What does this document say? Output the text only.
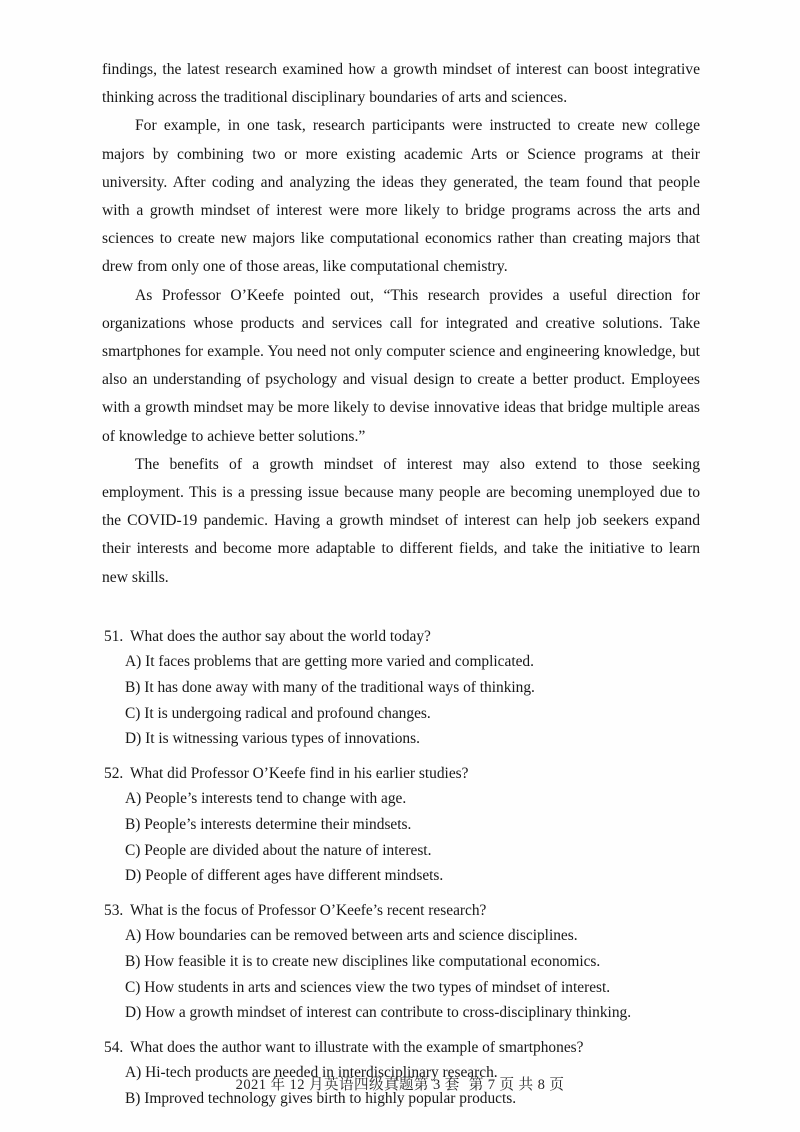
findings, the latest research examined how a growth mindset of interest can boost integrative thinking across the traditional disciplinary boundaries of arts and sciences.

For example, in one task, research participants were instructed to create new college majors by combining two or more existing academic Arts or Science programs at their university. After coding and analyzing the ideas they generated, the team found that people with a growth mindset of interest were more likely to bridge programs across the arts and sciences to create new majors like computational economics rather than creating majors that drew from only one of those areas, like computational chemistry.

As Professor O’Keefe pointed out, “This research provides a useful direction for organizations whose products and services call for integrated and creative solutions. Take smartphones for example. You need not only computer science and engineering knowledge, but also an understanding of psychology and visual design to create a better product. Employees with a growth mindset may be more likely to devise innovative ideas that bridge multiple areas of knowledge to achieve better solutions.”

The benefits of a growth mindset of interest may also extend to those seeking employment. This is a pressing issue because many people are becoming unemployed due to the COVID-19 pandemic. Having a growth mindset of interest can help job seekers expand their interests and become more adaptable to different fields, and take the initiative to learn new skills.

51. What does the author say about the world today?
A) It faces problems that are getting more varied and complicated.
B) It has done away with many of the traditional ways of thinking.
C) It is undergoing radical and profound changes.
D) It is witnessing various types of innovations.
52. What did Professor O’Keefe find in his earlier studies?
A) People’s interests tend to change with age.
B) People’s interests determine their mindsets.
C) People are divided about the nature of interest.
D) People of different ages have different mindsets.
53. What is the focus of Professor O’Keefe’s recent research?
A) How boundaries can be removed between arts and science disciplines.
B) How feasible it is to create new disciplines like computational economics.
C) How students in arts and sciences view the two types of mindset of interest.
D) How a growth mindset of interest can contribute to cross-disciplinary thinking.
54. What does the author want to illustrate with the example of smartphones?
A) Hi-tech products are needed in interdisciplinary research.
B) Improved technology gives birth to highly popular products.
2021 年 12 月英语四级真题第 3 套 第 7 页 共 8 页
